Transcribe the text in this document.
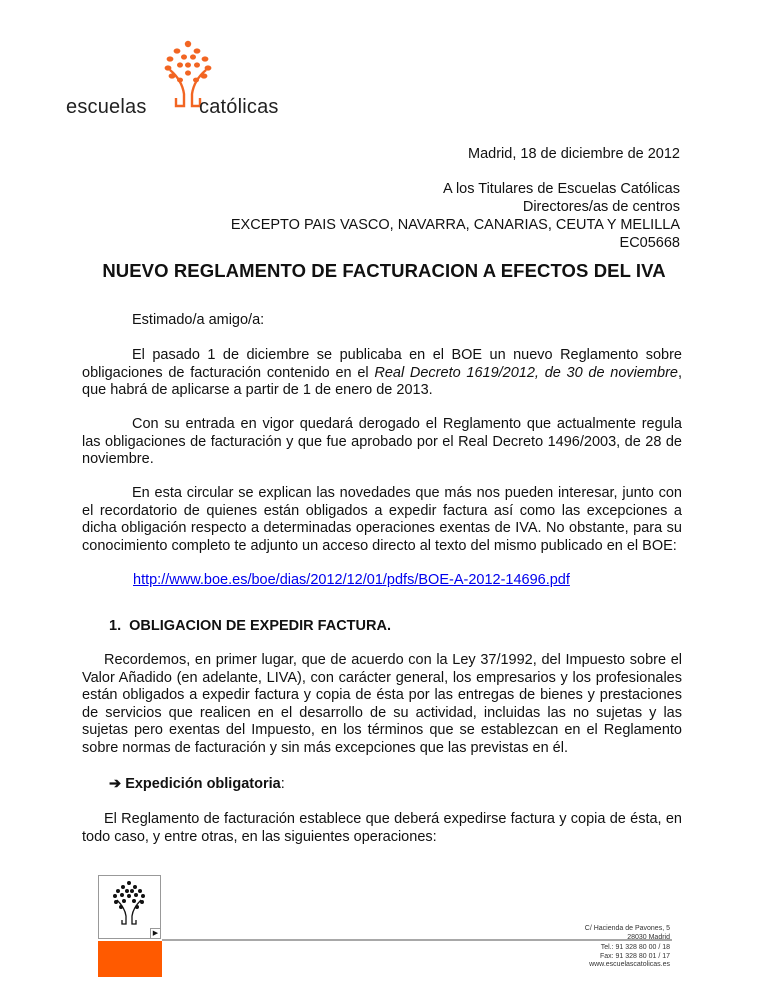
escuelas	católicas
Madrid, 18 de diciembre de 2012
A los Titulares de Escuelas Católicas
Directores/as de centros
EXCEPTO PAIS VASCO, NAVARRA, CANARIAS, CEUTA Y MELILLA
EC05668
NUEVO REGLAMENTO DE FACTURACION A EFECTOS DEL IVA
Estimado/a amigo/a:
El pasado 1 de diciembre se publicaba en el BOE un nuevo Reglamento sobre obligaciones de facturación contenido en el Real Decreto 1619/2012, de 30 de noviembre, que habrá de aplicarse a partir de 1 de enero de 2013.
Con su entrada en vigor quedará derogado el Reglamento que actualmente regula las obligaciones de facturación y que fue aprobado por el Real Decreto 1496/2003, de 28 de noviembre.
En esta circular se explican las novedades que más nos pueden interesar, junto con el recordatorio de quienes están obligados a expedir factura así como las excepciones a dicha obligación respecto a determinadas operaciones exentas de IVA. No obstante, para su conocimiento completo te adjunto un acceso directo al texto del mismo publicado en el BOE:
http://www.boe.es/boe/dias/2012/12/01/pdfs/BOE-A-2012-14696.pdf
1.  OBLIGACION DE EXPEDIR FACTURA.
Recordemos, en primer lugar, que de acuerdo con la Ley 37/1992, del Impuesto sobre el Valor Añadido (en adelante, LIVA), con carácter general, los empresarios y los profesionales están obligados a expedir factura y copia de ésta por las entregas de bienes y prestaciones de servicios que realicen en el desarrollo de su actividad, incluidas las no sujetas y las sujetas pero exentas del Impuesto, en los términos que se establezcan en el Reglamento sobre normas de facturación y sin más excepciones que las previstas en él.
➔ Expedición obligatoria:
El Reglamento de facturación establece que deberá expedirse factura y copia de ésta, en todo caso, y entre otras, en las siguientes operaciones:
▶
C/ Hacienda de Pavones, 5
28030 Madrid
Tel.: 91 328 80 00 / 18
Fax: 91 328 80 01 / 17
www.escuelascatolicas.es
